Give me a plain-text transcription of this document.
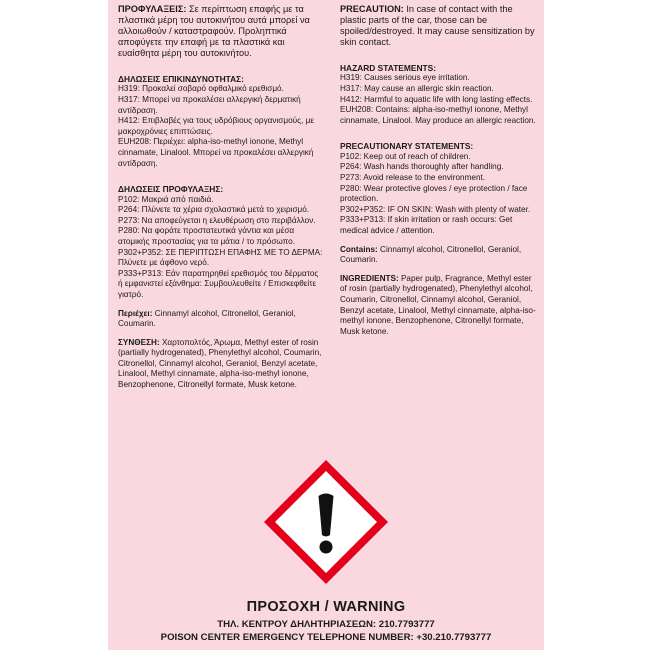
ΠΡΟΦΥΛΑΞΕΙΣ: Σε περίπτωση επαφής με τα πλαστικά μέρη του αυτοκινήτου αυτά μπορεί να αλλοιωθούν / καταστραφούν. Προληπτικά αποφύγετε την επαφή με τα πλαστικά και ευαίσθητα μέρη του αυτοκινήτου.

ΔΗΛΩΣΕΙΣ ΕΠΙΚΙΝΔΥΝΟΤΗΤΑΣ:

H319: Προκαλεί σοβαρό οφθαλμικό ερεθισμό.

H317: Μπορεί να προκαλέσει αλλεργική δερματική αντίδραση.

H412: Επιβλαβές για τους υδρόβιους οργανισμούς, με μακροχρόνιες επιπτώσεις.

EUH208: Περιέχει: alpha-iso-methyl ionone, Methyl cinnamate, Linalool. Μπορεί να προκαλέσει αλλεργική αντίδραση.

ΔΗΛΩΣΕΙΣ ΠΡΟΦΥΛΑΞΗΣ:

P102: Μακριά από παιδιά.

P264: Πλύνετε τα χέρια σχολαστικά μετά το χειρισμό.

P273: Να αποφεύγεται η ελευθέρωση στο περιβάλλον.

P280: Να φοράτε προστατευτικά γάντια και μέσα ατομικής προστασίας για τα μάτια / το πρόσωπο.

P302+P352: ΣΕ ΠΕΡΙΠΤΩΣΗ ΕΠΑΦΗΣ ΜΕ ΤΟ ΔΕΡΜΑ: Πλύνετε με άφθονο νερό.

P333+P313: Εάν παρατηρηθεί ερεθισμός του δέρματος ή εμφανιστεί εξάνθημα: Συμβουλευθείτε / Επισκεφθείτε γιατρό.

Περιέχει: Cinnamyl alcohol, Citronellol, Geraniol, Coumarin.

ΣΥΝΘΕΣΗ: Χαρτοπολτός, Άρωμα, Methyl ester of rosin (partially hydrogenated), Phenylethyl alcohol, Coumarin, Citronellol, Cinnamyl alcohol, Geraniol, Benzyl acetate, Linalool, Methyl cinnamate, alpha-iso-methyl ionone, Benzophenone, Citronellyl formate, Musk ketone.

PRECAUTION: In case of contact with the plastic parts of the car, those can be spoiled/destroyed. It may cause sensitization by skin contact.

HAZARD STATEMENTS:

H319: Causes serious eye irritation.

H317: May cause an allergic skin reaction.

H412: Harmful to aquatic life with long lasting effects.

EUH208: Contains: alpha-iso-methyl ionone, Methyl cinnamate, Linalool. May produce an allergic reaction.

PRECAUTIONARY STATEMENTS:

P102: Keep out of reach of children.

P264: Wash hands thoroughly after handling.

P273: Avoid release to the environment.

P280: Wear protective gloves / eye protection / face protection.

P302+P352: IF ON SKIN: Wash with plenty of water.

P333+P313: If skin irritation or rash occurs: Get medical advice / attention.

Contains: Cinnamyl alcohol, Citronellol, Geraniol, Coumarin.

INGREDIENTS: Paper pulp, Fragrance, Methyl ester of rosin (partially hydrogenated), Phenylethyl alcohol, Coumarin, Citronellol, Cinnamyl alcohol, Geraniol, Benzyl acetate, Linalool, Methyl cinnamate, alpha-iso-methyl ionone, Benzophenone, Citronellyl formate, Musk ketone.

ΠΡΟΣΟΧΗ / WARNING
ΤΗΛ. ΚΕΝΤΡΟΥ ΔΗΛΗΤΗΡΙΑΣΕΩΝ: 210.7793777
POISON CENTER EMERGENCY TELEPHONE NUMBER: +30.210.7793777
